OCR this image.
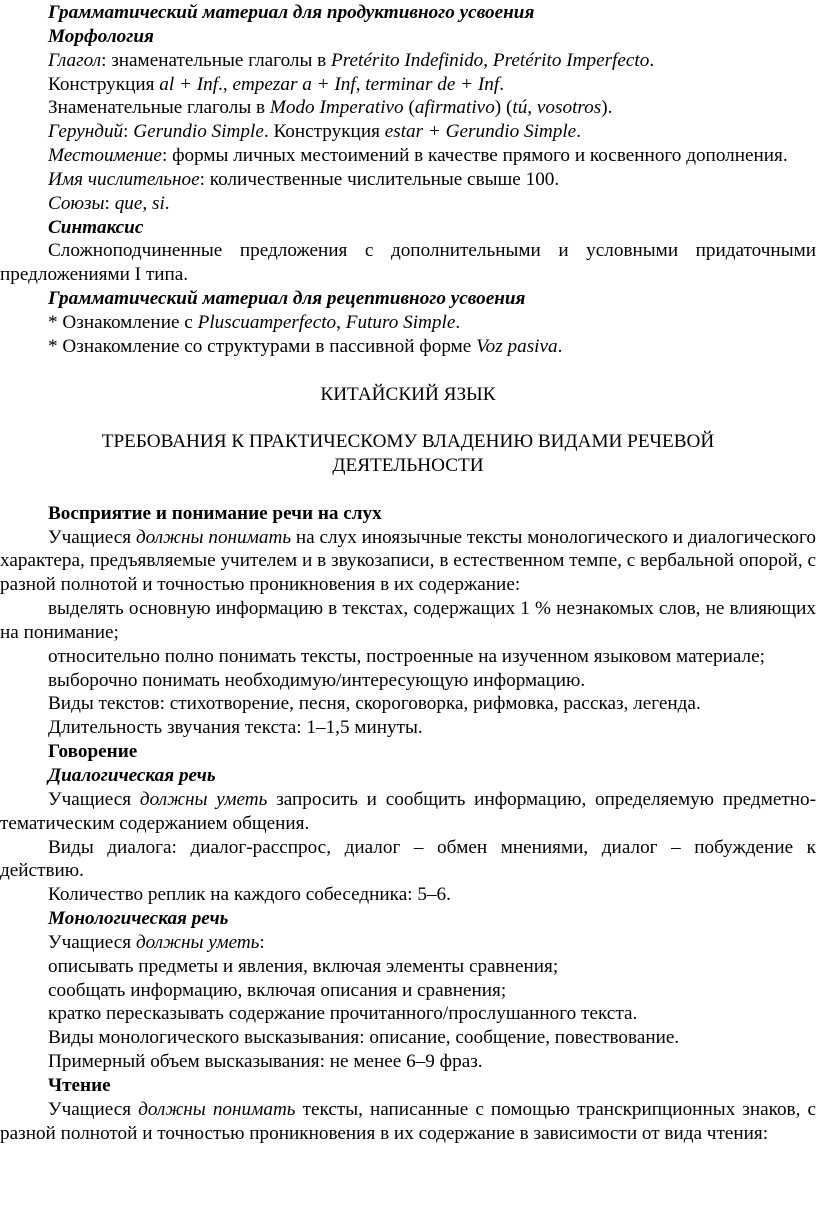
Грамматический материал для продуктивного усвоения

Морфология

Глагол: знаменательные глаголы в Pretérito Indefinido, Pretérito Imperfecto.

Конструкция al + Inf., empezar a + Inf, terminar de + Inf.

Знаменательные глаголы в Modo Imperativo (afirmativo) (tú, vosotros).

Герундий: Gerundio Simple. Конструкция estar + Gerundio Simple.

Местоимение: формы личных местоимений в качестве прямого и косвенного дополнения.

Имя числительное: количественные числительные свыше 100.

Союзы: que, si.

Синтаксис

Сложноподчиненные предложения с дополнительными и условными придаточными предложениями I типа.

Грамматический материал для рецептивного усвоения

* Ознакомление с Pluscuamperfecto, Futuro Simple.

* Ознакомление со структурами в пассивной форме Voz pasiva.

КИТАЙСКИЙ ЯЗЫК

ТРЕБОВАНИЯ К ПРАКТИЧЕСКОМУ ВЛАДЕНИЮ ВИДАМИ РЕЧЕВОЙ ДЕЯТЕЛЬНОСТИ

Восприятие и понимание речи на слух

Учащиеся должны понимать на слух иноязычные тексты монологического и диалогического характера, предъявляемые учителем и в звукозаписи, в естественном темпе, с вербальной опорой, с разной полнотой и точностью проникновения в их содержание:

выделять основную информацию в текстах, содержащих 1 % незнакомых слов, не влияющих на понимание;

относительно полно понимать тексты, построенные на изученном языковом материале;

выборочно понимать необходимую/интересующую информацию.

Виды текстов: стихотворение, песня, скороговорка, рифмовка, рассказ, легенда.

Длительность звучания текста: 1–1,5 минуты.

Говорение

Диалогическая речь

Учащиеся должны уметь запросить и сообщить информацию, определяемую предметно-тематическим содержанием общения.

Виды диалога: диалог-расспрос, диалог – обмен мнениями, диалог – побуждение к действию.

Количество реплик на каждого собеседника: 5–6.

Монологическая речь

Учащиеся должны уметь:

описывать предметы и явления, включая элементы сравнения;

сообщать информацию, включая описания и сравнения;

кратко пересказывать содержание прочитанного/прослушанного текста.

Виды монологического высказывания: описание, сообщение, повествование.

Примерный объем высказывания: не менее 6–9 фраз.

Чтение

Учащиеся должны понимать тексты, написанные с помощью транскрипционных знаков, с разной полнотой и точностью проникновения в их содержание в зависимости от вида чтения:
